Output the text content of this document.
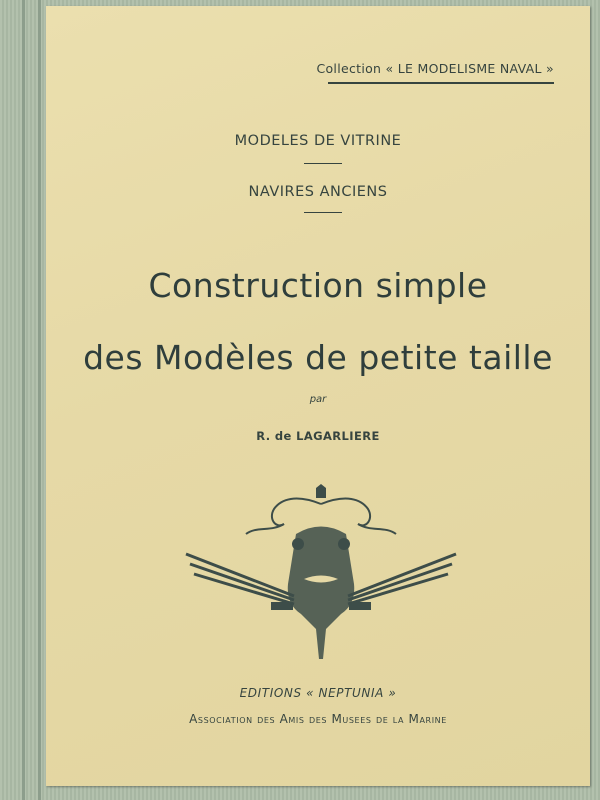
Collection « LE MODELISME NAVAL »
MODELES DE VITRINE
NAVIRES ANCIENS
Construction simple
des Modèles de petite taille
par
R. de LAGARLIERE
EDITIONS « NEPTUNIA »
Association des Amis des Musees de la Marine
